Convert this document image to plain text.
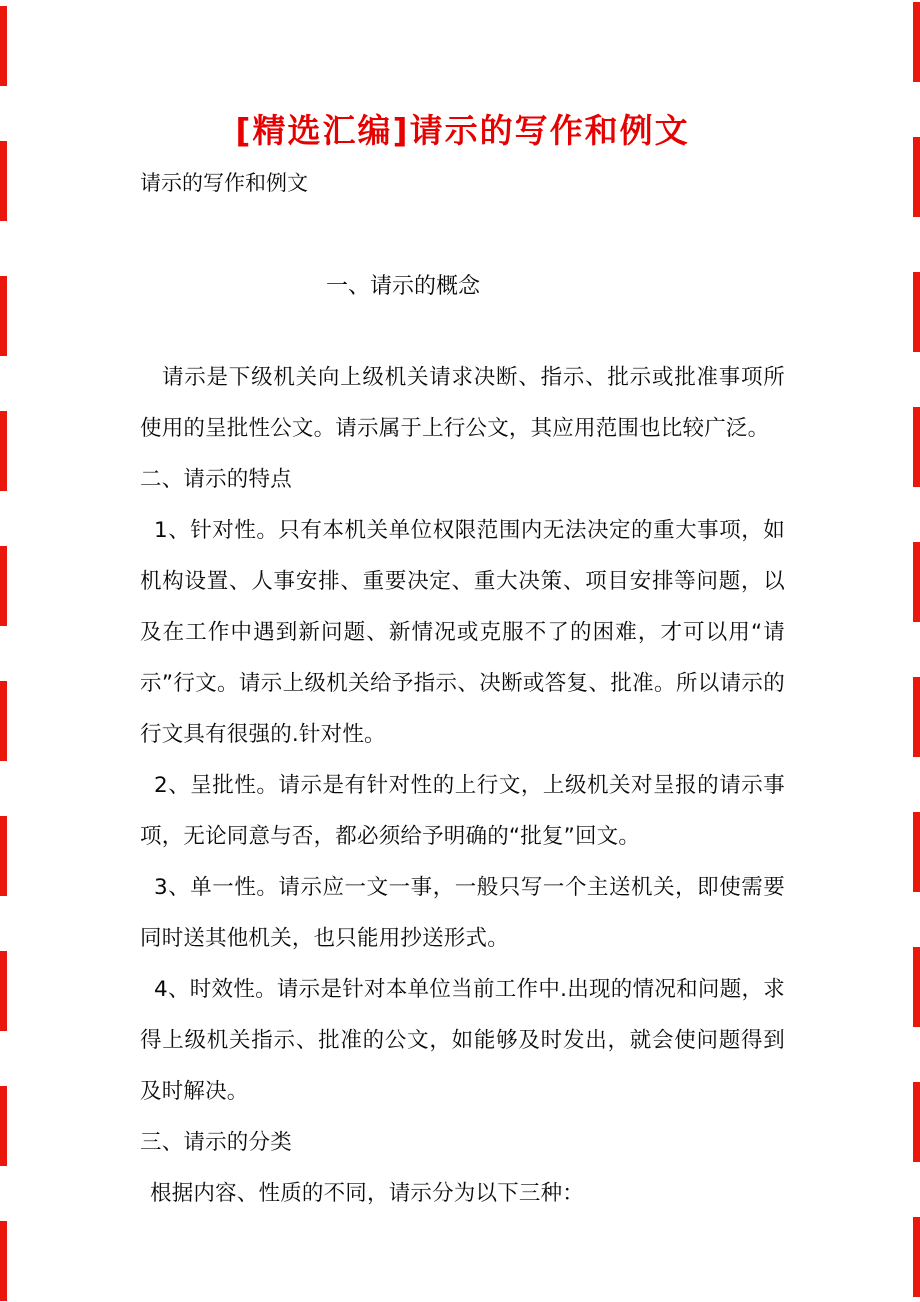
[精选汇编]请示的写作和例文

请示的写作和例文

一、请示的概念

请示是下级机关向上级机关请求决断、指示、批示或批准事项所使用的呈批性公文。请示属于上行公文，其应用范围也比较广泛。

二、请示的特点

1、针对性。只有本机关单位权限范围内无法决定的重大事项，如机构设置、人事安排、重要决定、重大决策、项目安排等问题，以及在工作中遇到新问题、新情况或克服不了的困难，才可以用“请示”行文。请示上级机关给予指示、决断或答复、批准。所以请示的行文具有很强的.针对性。

2、呈批性。请示是有针对性的上行文，上级机关对呈报的请示事项，无论同意与否，都必须给予明确的“批复”回文。

3、单一性。请示应一文一事，一般只写一个主送机关，即使需要同时送其他机关，也只能用抄送形式。

4、时效性。请示是针对本单位当前工作中.出现的情况和问题，求得上级机关指示、批准的公文，如能够及时发出，就会使问题得到及时解决。

三、请示的分类

根据内容、性质的不同，请示分为以下三种：
